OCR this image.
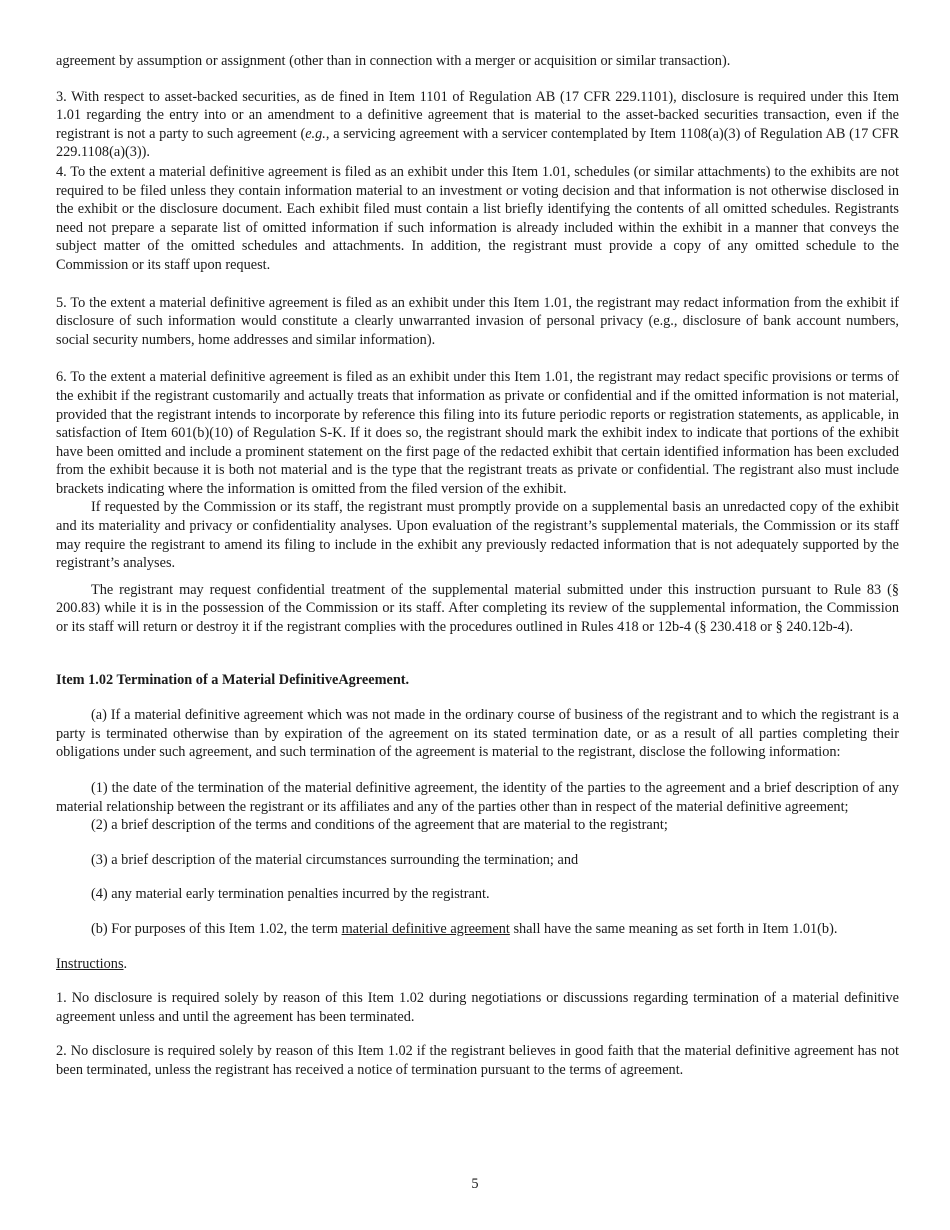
agreement by assumption or assignment (other than in connection with a merger or acquisition or similar transaction).

3. With respect to asset-backed securities, as de fined in Item 1101 of Regulation AB (17 CFR 229.1101), disclosure is required under this Item 1.01 regarding the entry into or an amendment to a definitive agreement that is material to the asset-backed securities transaction, even if the registrant is not a party to such agreement (e.g., a servicing agreement with a servicer contemplated by Item 1108(a)(3) of Regulation AB (17 CFR 229.1108(a)(3)).

4. To the extent a material definitive agreement is filed as an exhibit under this Item 1.01, schedules (or similar attachments) to the exhibits are not required to be filed unless they contain information material to an investment or voting decision and that information is not otherwise disclosed in the exhibit or the disclosure document. Each exhibit filed must contain a list briefly identifying the contents of all omitted schedules. Registrants need not prepare a separate list of omitted information if such information is already included within the exhibit in a manner that conveys the subject matter of the omitted schedules and attachments. In addition, the registrant must provide a copy of any omitted schedule to the Commission or its staff upon request.

5. To the extent a material definitive agreement is filed as an exhibit under this Item 1.01, the registrant may redact information from the exhibit if disclosure of such information would constitute a clearly unwarranted invasion of personal privacy (e.g., disclosure of bank account numbers, social security numbers, home addresses and similar information).

6. To the extent a material definitive agreement is filed as an exhibit under this Item 1.01, the registrant may redact specific provisions or terms of the exhibit if the registrant customarily and actually treats that information as private or confidential and if the omitted information is not material, provided that the registrant intends to incorporate by reference this filing into its future periodic reports or registration statements, as applicable, in satisfaction of Item 601(b)(10) of Regulation S-K. If it does so, the registrant should mark the exhibit index to indicate that portions of the exhibit have been omitted and include a prominent statement on the first page of the redacted exhibit that certain identified information has been excluded from the exhibit because it is both not material and is the type that the registrant treats as private or confidential. The registrant also must include brackets indicating where the information is omitted from the filed version of the exhibit.

If requested by the Commission or its staff, the registrant must promptly provide on a supplemental basis an unredacted copy of the exhibit and its materiality and privacy or confidentiality analyses. Upon evaluation of the registrant’s supplemental materials, the Commission or its staff may require the registrant to amend its filing to include in the exhibit any previously redacted information that is not adequately supported by the registrant’s analyses.

The registrant may request confidential treatment of the supplemental material submitted under this instruction pursuant to Rule 83 (§ 200.83) while it is in the possession of the Commission or its staff. After completing its review of the supplemental information, the Commission or its staff will return or destroy it if the registrant complies with the procedures outlined in Rules 418 or 12b-4 (§ 230.418 or § 240.12b-4).

Item 1.02 Termination of a Material DefinitiveAgreement.

(a) If a material definitive agreement which was not made in the ordinary course of business of the registrant and to which the registrant is a party is terminated otherwise than by expiration of the agreement on its stated termination date, or as a result of all parties completing their obligations under such agreement, and such termination of the agreement is material to the registrant, disclose the following information:

(1) the date of the termination of the material definitive agreement, the identity of the parties to the agreement and a brief description of any material relationship between the registrant or its affiliates and any of the parties other than in respect of the material definitive agreement;

(2) a brief description of the terms and conditions of the agreement that are material to the registrant;

(3) a brief description of the material circumstances surrounding the termination; and

(4) any material early termination penalties incurred by the registrant.

(b) For purposes of this Item 1.02, the term material definitive agreement shall have the same meaning as set forth in Item 1.01(b).

Instructions.

1. No disclosure is required solely by reason of this Item 1.02 during negotiations or discussions regarding termination of a material definitive agreement unless and until the agreement has been terminated.

2. No disclosure is required solely by reason of this Item 1.02 if the registrant believes in good faith that the material definitive agreement has not been terminated, unless the registrant has received a notice of termination pursuant to the terms of agreement.

5
